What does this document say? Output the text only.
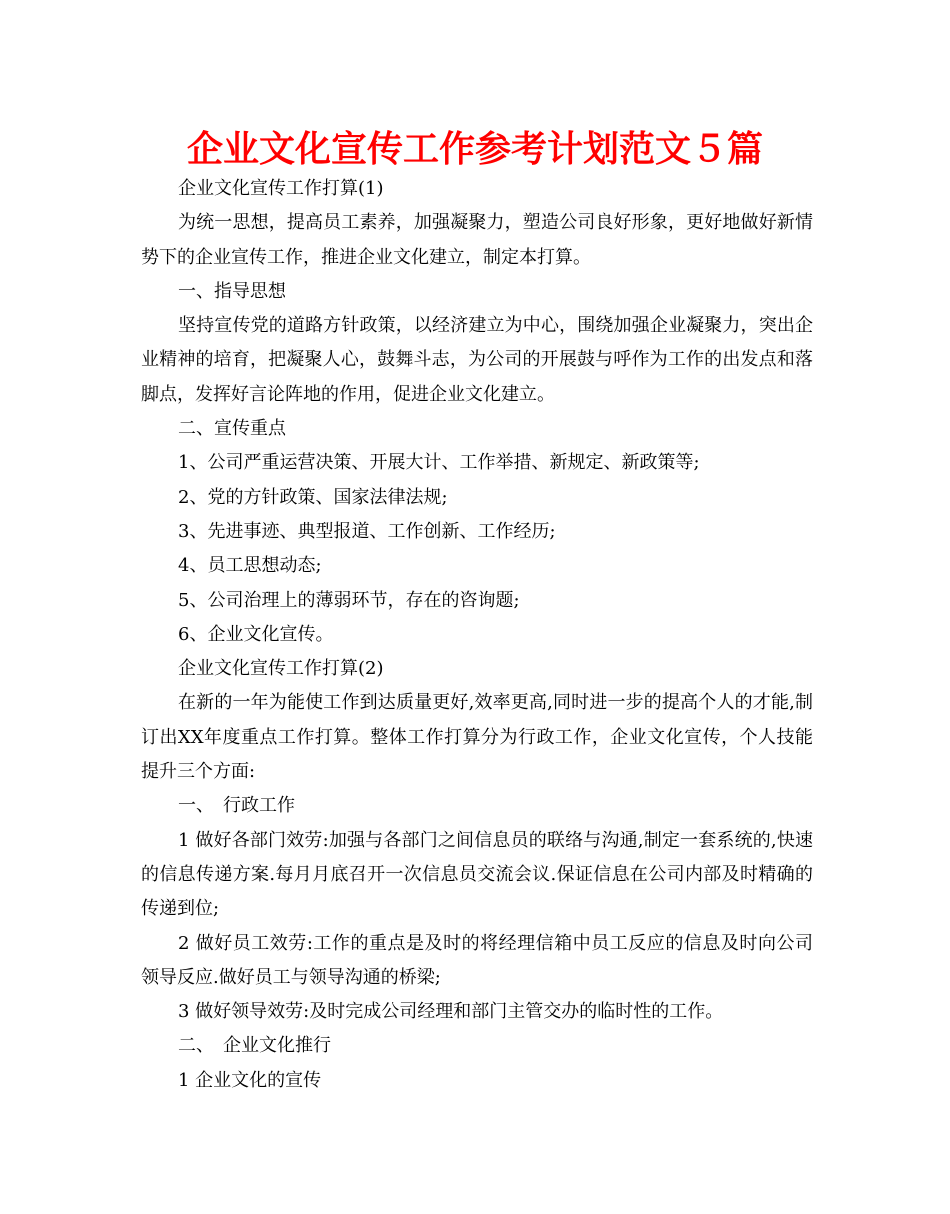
企业文化宣传工作参考计划范文５篇

企业文化宣传工作打算(1)

为统一思想，提高员工素养，加强凝聚力，塑造公司良好形象，更好地做好新情势下的企业宣传工作，推进企业文化建立，制定本打算。

一、指导思想

坚持宣传党的道路方针政策，以经济建立为中心，围绕加强企业凝聚力，突出企业精神的培育，把凝聚人心，鼓舞斗志，为公司的开展鼓与呼作为工作的出发点和落脚点，发挥好言论阵地的作用，促进企业文化建立。

二、宣传重点

1、公司严重运营决策、开展大计、工作举措、新规定、新政策等;

2、党的方针政策、国家法律法规;

3、先进事迹、典型报道、工作创新、工作经历;

4、员工思想动态;

5、公司治理上的薄弱环节，存在的咨询题;

6、企业文化宣传。

企业文化宣传工作打算(2)

在新的一年为能使工作到达质量更好,效率更高,同时进一步的提高个人的才能,制订出XX年度重点工作打算。整体工作打算分为行政工作，企业文化宣传，个人技能提升三个方面:

一、　行政工作

1 做好各部门效劳:加强与各部门之间信息员的联络与沟通,制定一套系统的,快速的信息传递方案.每月月底召开一次信息员交流会议.保证信息在公司内部及时精确的传递到位;

2 做好员工效劳:工作的重点是及时的将经理信箱中员工反应的信息及时向公司领导反应.做好员工与领导沟通的桥梁;

3 做好领导效劳:及时完成公司经理和部门主管交办的临时性的工作。

二、　企业文化推行

1 企业文化的宣传
